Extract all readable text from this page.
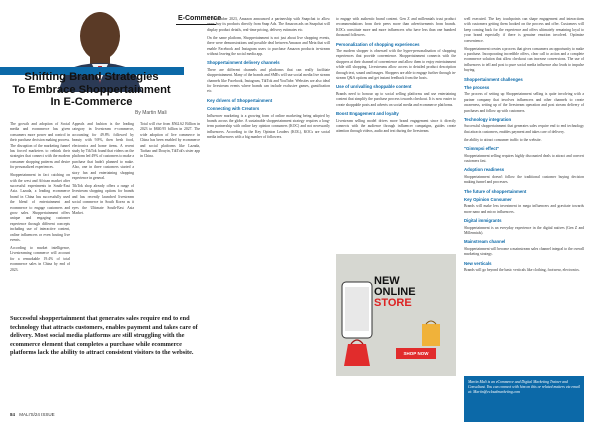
E-Commerce
Shifting Brand Strategies
To Embrace Shoppertainment
In E-Commerce
By Martin Mali

The growth and adoption of Social media and ecommerce has given consumers more power and control in their purchase decision making process. The disruption of the marketing funnel has forced marketers to rethink their strategies that connect with the modern consumer shopping patterns and desire for personalized experiences.

Shoppertainment in fact catching on with the west and African market after successful experiments in South-East Asia. Lazada, a leading ecommerce brand in China has successfully used the blend of entertainment and ecommerce to engage customers and grow sales. Shoppertainment offers unique and engaging customer experience through different concepts including use of interactive content, online influencers or even hosting live events.

According to market intelligence, Livestreaming commerce will account for a remarkable 19.4% of total ecommerce sales in China by end of 2023.

Appeals and fashion is the leading category in livestream e-commerce, accounting for 49.8% followed by beauty with 9.8%, then fresh food, electronics and home items. A recent study by TikTok found that videos on the platform led 49% of customers to make a purchase that hadn't planned to make. Also, one in three customers started a story fan and entertaining shopping experience in general.

TikTok shop already offers a range of livestream shopping options for brands and has recently launched livestream social commerce in South Korea as it eyes the Ultimate South-East Asia Market.

Total will rise from $562.62 Billion in 2023 to $840.95 billion in 2027. The wide adoption of live commerce in China has been enabled by ecommerce and social platforms like Lazada, Taobao and Douyin, TikTok's sister app in China.

In November 2023, Amazon announced a partnership with Snapchat to allow users buy its products directly from Snap Ads. The Amazon ads on Snapchat will display product details, real-time pricing, delivery estimates etc.

On the same platform, Shoppertainment is not just about live shopping events, there were demonstrations and possible deal between Amazon and Meta that will enable Facebook and Instagram users to purchase Amazon products in-stream without leaving the social media app.

Shoppertainment delivery channels

There are different channels and platforms that can really facilitate shoppertainment. Many of the brands and SMEs will use social media live stream channels like Facebook, Instagram, TikTok and YouTube. Websites are also ideal for livestream events where brands can include exclusive games, gamification etc.

Key drivers of Shoppertainment
Connecting with Creators

Influencer marketing is a growing form of online marketing being adopted by brands across the globe. A sustainable shoppertainment strategy requires a long-term partnership with online key opinion consumers (KOC) and not necessarily influencers. According to the Key Opinion Leaders (KOL), KOCs are social media influencers with a big number of followers.

to engage with authentic brand content. Gen Z and millennials trust product recommendations from their peers more than advertisements from brands. KOCs constitute more and more influencers who have less than one hundred thousand followers.

Personalization of shopping experiences

The modern shopper is obsessed with the hyper-personalisation of shopping experiences that provide convenience. Shoppertainment connects with the shoppers at their channel of convenience and allow them to enjoy entertainment while still shopping. Livestreams allow access to detailed product description through text, sound and images. Shoppers are able to engage further through in-stream Q&A options and get instant feedback from the hosts.

Use of unrivalling shoppable content

Brands need to honour up to social selling platforms and use entertaining content that simplify the purchase process towards checkout. It is now easier to create shoppable posts and adverts on social media and ecommerce platforms.

Boost Engagement and loyalty

Livestream selling model drives more brand engagement since it directly connects with the audience through influencer campaigns, guides create attention through videos, audio and text during the livestream.

well executed. The key touchpoints can shape engagement and interactions with customers getting them hooked on the process and offer. Customers will keep coming back for the experience and offers ultimately remaining loyal to your brand especially if there is genuine emotion involved. Optimize convenience.

Shoppertainment creates a process that gives consumers an opportunity to make a purchase. Incorporating incredible offers, clear call to action and a complete ecommerce solution that allow checkout can increase conversions. The use of influencers to tell and post to pure social media influence also leads to impulse buying.

Shoppertainment challenges
The process

The process of setting up Shoppertainment selling is quite involving with a partner company that involves influencers and other channels to create awareness, setting up of the livestream operation and post stream delivery of purchases and follow up with customers.

Technology integration

Successful shoppertainment that generates sales require end to end technology that attracts customers, enables payment and takes care of delivery.

the ability to attract consumer traffic to the website.

"Gimmpsi effect"

Shoppertainment selling requires highly discounted deals to attract and convert customers fast.

Adoption readiness

Shoppertainment doesn't follow the traditional customer buying decision making funnel and processes.

The future of shoppertainment
Key Opinion Consumer

Brands will make less investment in mega influencers and gravitate towards more nano and micro influencers.

Digital immigrants

Shoppertainment is an everyday experience in the digital natives (Gen Z and Millennials).

Mainstream channel

Shoppertainment will become a mainstream sales channel integral to the overall marketing strategy.

New verticals

Brands will go beyond the basic verticals like clothing, footwear, electronics.

Successful shoppertainment that generates sales require end to end technology that attracts customers, enables payment and takes care of delivery. Most social media platforms are still struggling with the ecommerce element that completes a purchase while ecommerce platforms lack the ability to attract consistent visitors to the website.
NEW
ONLINE
STORE
SHOP NOW
Martin Mali is an eCommerce and Digital Marketing Trainer and Consultant. You can connect with him on this or related matters via email at: Martin@ecloudmarketing.com
84 MALI'S/24 ISSUE
